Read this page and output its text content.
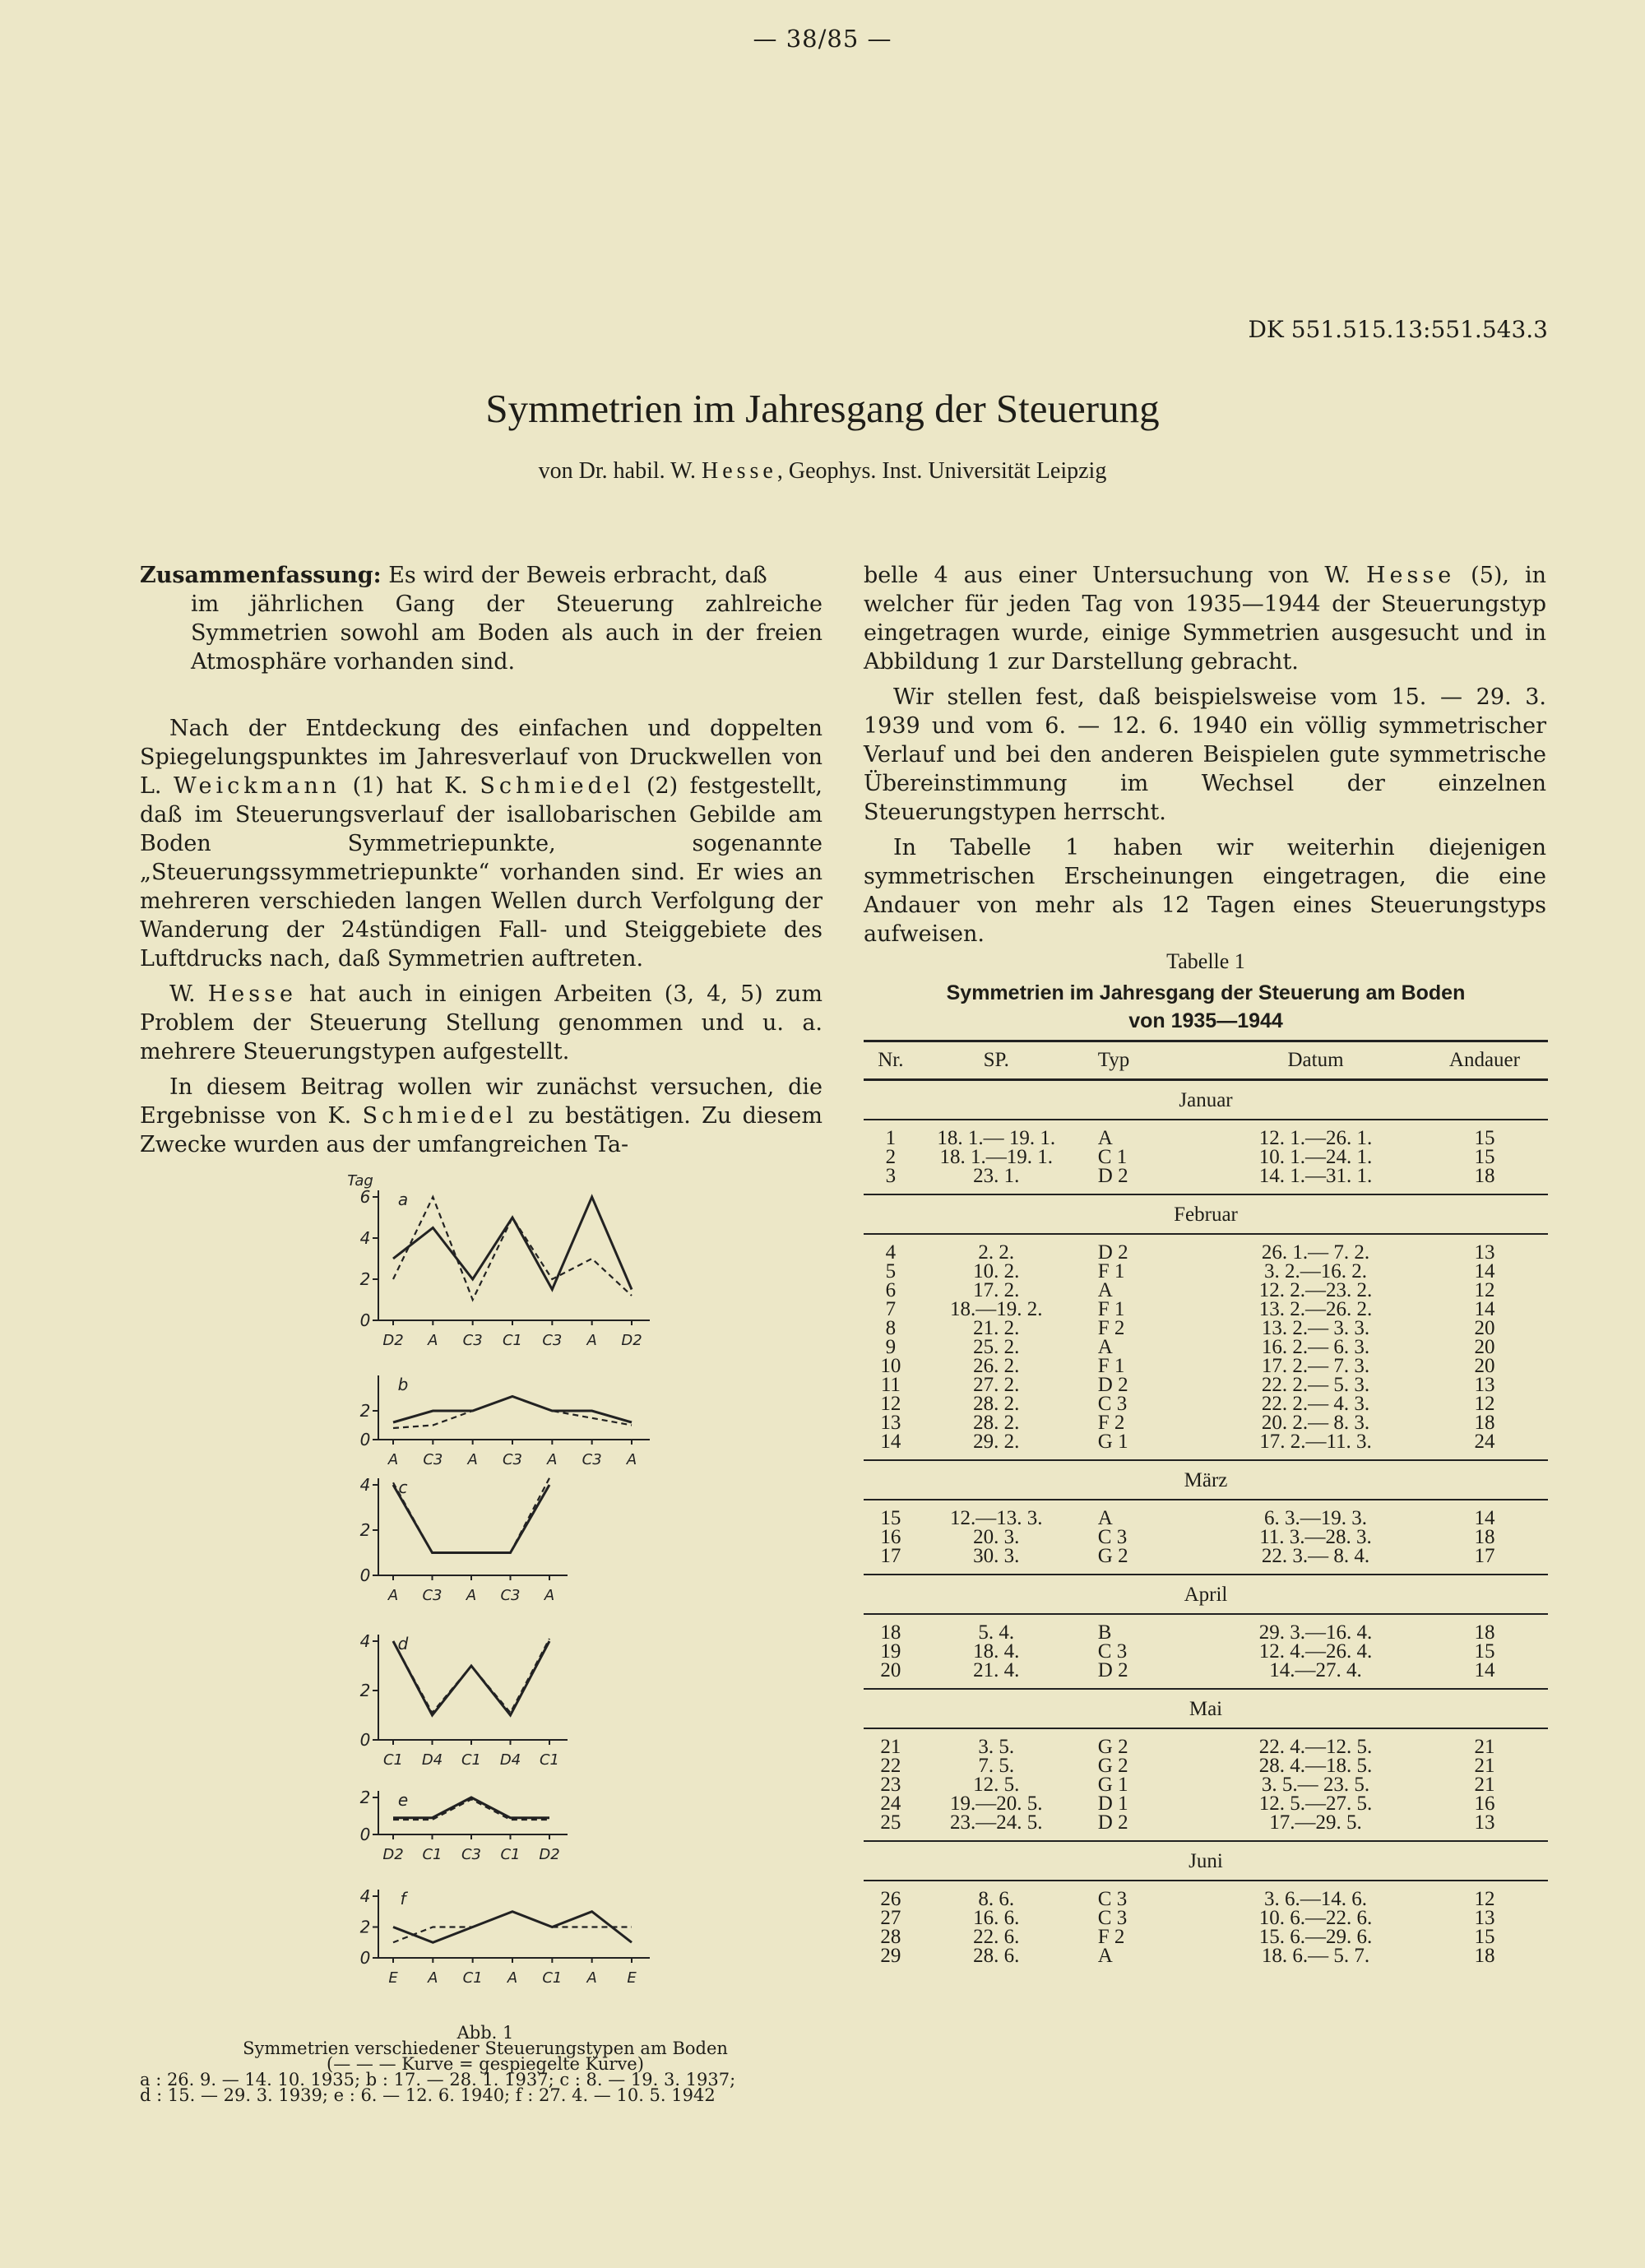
— 38/85 —
DK 551.515.13:551.543.3
Symmetrien im Jahresgang der Steuerung
von Dr. habil. W. Hesse, Geophys. Inst. Universität Leipzig
Zusammenfassung: Es wird der Beweis erbracht, daß
im jährlichen Gang der Steuerung zahlreiche Symmetrien sowohl am Boden als auch in der freien Atmosphäre vorhanden sind.

Nach der Entdeckung des einfachen und doppelten Spiegelungspunktes im Jahresverlauf von Druckwellen von L. Weickmann (1) hat K. Schmiedel (2) festgestellt, daß im Steuerungsverlauf der isallobarischen Gebilde am Boden Symmetriepunkte, sogenannte „Steuerungssymmetriepunkte“ vorhanden sind. Er wies an mehreren verschieden langen Wellen durch Verfolgung der Wanderung der 24stündigen Fall- und Steiggebiete des Luftdrucks nach, daß Symmetrien auftreten.

W. Hesse hat auch in einigen Arbeiten (3, 4, 5) zum Problem der Steuerung Stellung genommen und u. a. mehrere Steuerungstypen aufgestellt.

In diesem Beitrag wollen wir zunächst versuchen, die Ergebnisse von K. Schmiedel zu bestätigen. Zu diesem Zwecke wurden aus der umfangreichen Ta-

belle 4 aus einer Untersuchung von W. Hesse (5), in welcher für jeden Tag von 1935—1944 der Steuerungstyp eingetragen wurde, einige Symmetrien ausgesucht und in Abbildung 1 zur Darstellung gebracht.

Wir stellen fest, daß beispielsweise vom 15. — 29. 3. 1939 und vom 6. — 12. 6. 1940 ein völlig symmetrischer Verlauf und bei den anderen Beispielen gute symmetrische Übereinstimmung im Wechsel der einzelnen Steuerungstypen herrscht.

In Tabelle 1 haben wir weiterhin diejenigen symmetrischen Erscheinungen eingetragen, die eine Andauer von mehr als 12 Tagen eines Steuerungstyps aufweisen.

Tabelle 1
Symmetrien im Jahresgang der Steuerung am Boden
von 1935—1944
Nr.	SP.	Typ	Datum	Andauer
Januar				

1	18. 1.— 19. 1.	A	12. 1.—26. 1.	15
2	18. 1.—19. 1.	C 1	10. 1.—24. 1.	15
3	23. 1.	D 2	14. 1.—31. 1.	18

Februar				

4	2. 2.	D 2	26. 1.— 7. 2.	13
5	10. 2.	F 1	3. 2.—16. 2.	14
6	17. 2.	A	12. 2.—23. 2.	12
7	18.—19. 2.	F 1	13. 2.—26. 2.	14
8	21. 2.	F 2	13. 2.— 3. 3.	20
9	25. 2.	A	16. 2.— 6. 3.	20
10	26. 2.	F 1	17. 2.— 7. 3.	20
11	27. 2.	D 2	22. 2.— 5. 3.	13
12	28. 2.	C 3	22. 2.— 4. 3.	12
13	28. 2.	F 2	20. 2.— 8. 3.	18
14	29. 2.	G 1	17. 2.—11. 3.	24

März				

15	12.—13. 3.	A	6. 3.—19. 3.	14
16	20. 3.	C 3	11. 3.—28. 3.	18
17	30. 3.	G 2	22. 3.— 8. 4.	17

April				

18	5. 4.	B	29. 3.—16. 4.	18
19	18. 4.	C 3	12. 4.—26. 4.	15
20	21. 4.	D 2	14.—27. 4.	14

Mai				

21	3. 5.	G 2	22. 4.—12. 5.	21
22	7. 5.	G 2	28. 4.—18. 5.	21
23	12. 5.	G 1	3. 5.— 23. 5.	21
24	19.—20. 5.	D 1	12. 5.—27. 5.	16
25	23.—24. 5.	D 2	17.—29. 5.	13

Juni				

26	8. 6.	C 3	3. 6.—14. 6.	12
27	16. 6.	C 3	10. 6.—22. 6.	13
28	22. 6.	F 2	15. 6.—29. 6.	15
29	28. 6.	A	18. 6.— 5. 7.	18

0
2
4
6
Tag
a
D2 A C3 C1 C3 A D2
0
2
b
A C3 A C3 A C3 A
0
2
4 c
A C3 A C3 A
0
2
4 d
C1 D4 C1 D4 C1
0
2 e
D2 C1 C3 C1 D2
0
2
4 f
E A C1 A C1 A E
Abb. 1
Symmetrien verschiedener Steuerungstypen am Boden
(— — — Kurve = gespiegelte Kurve)
a : 26. 9. — 14. 10. 1935; b : 17. — 28. 1. 1937; c : 8. — 19. 3. 1937;
d : 15. — 29. 3. 1939; e : 6. — 12. 6. 1940; f : 27. 4. — 10. 5. 1942
